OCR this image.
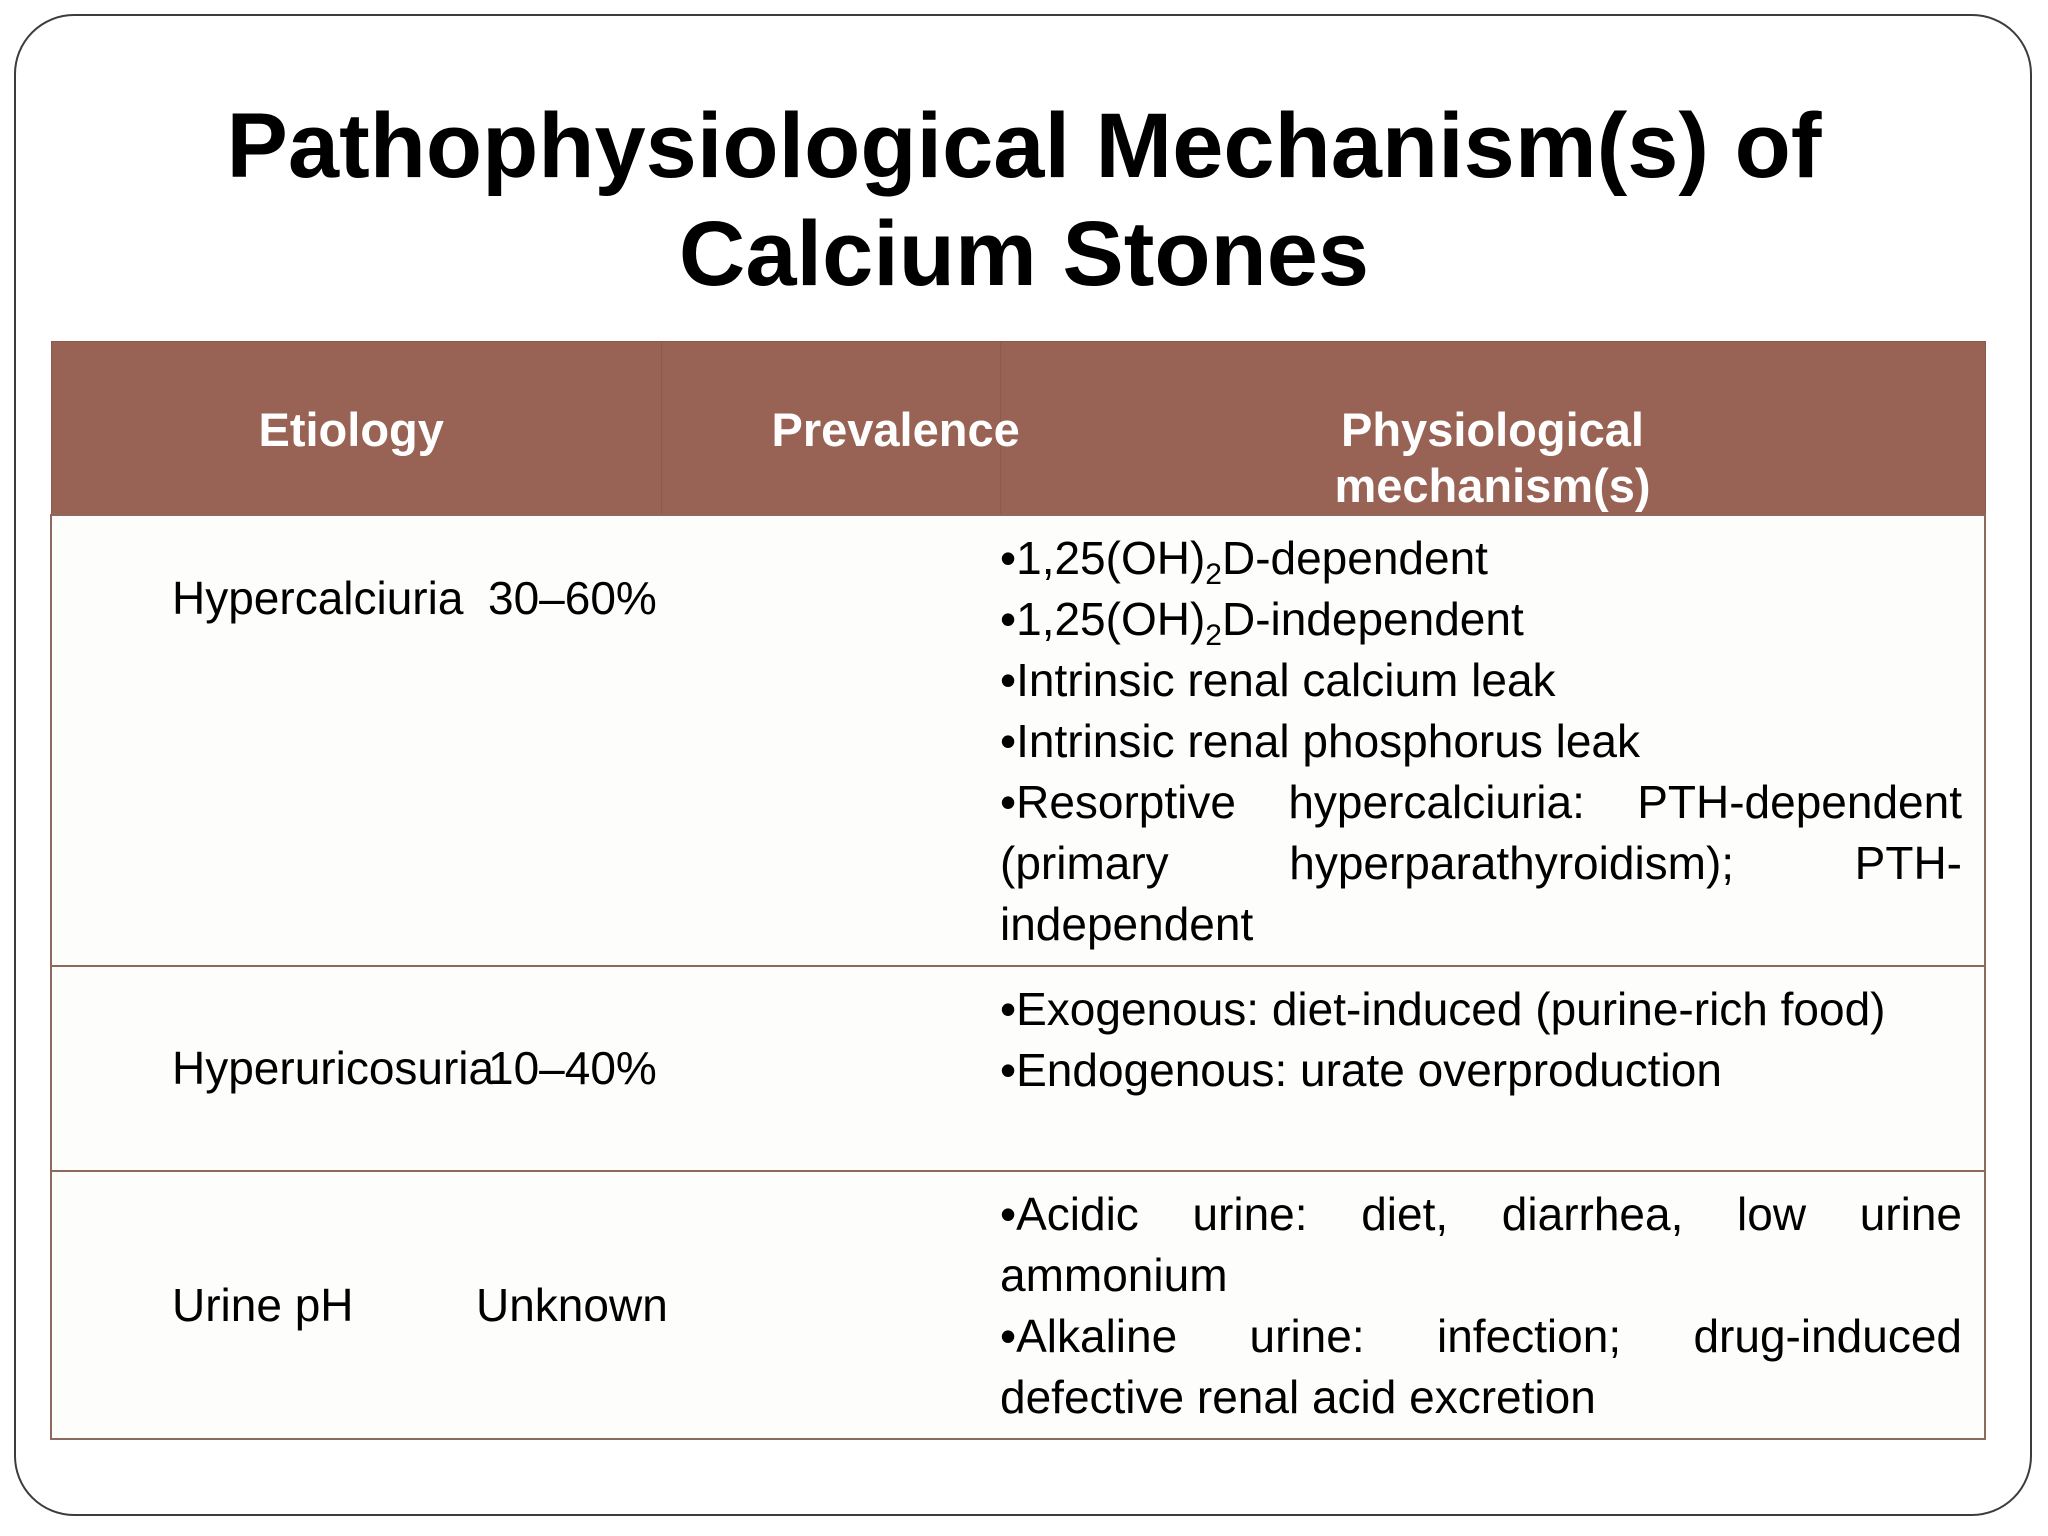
Pathophysiological Mechanism(s) of
Calcium Stones
Etiology	Prevalence	Physiological
mechanism(s)

Hypercalciuria	30–60%	$•1,25(OH)_2D$-dependent
$•1,25(OH)_2D$-independent
•Intrinsic renal calcium leak
•Intrinsic renal phosphorus leak
•Resorptive hypercalciuria: PTH-dependent (primary hyperparathyroidism); PTH-independent

Hyperuricosuria	10–40%	•Exogenous: diet-induced (purine-rich food)
•Endogenous: urate overproduction

Urine pH	Unknown	•Acidic urine: diet, diarrhea, low urine ammonium
•Alkaline urine: infection; drug-induced defective renal acid excretion
